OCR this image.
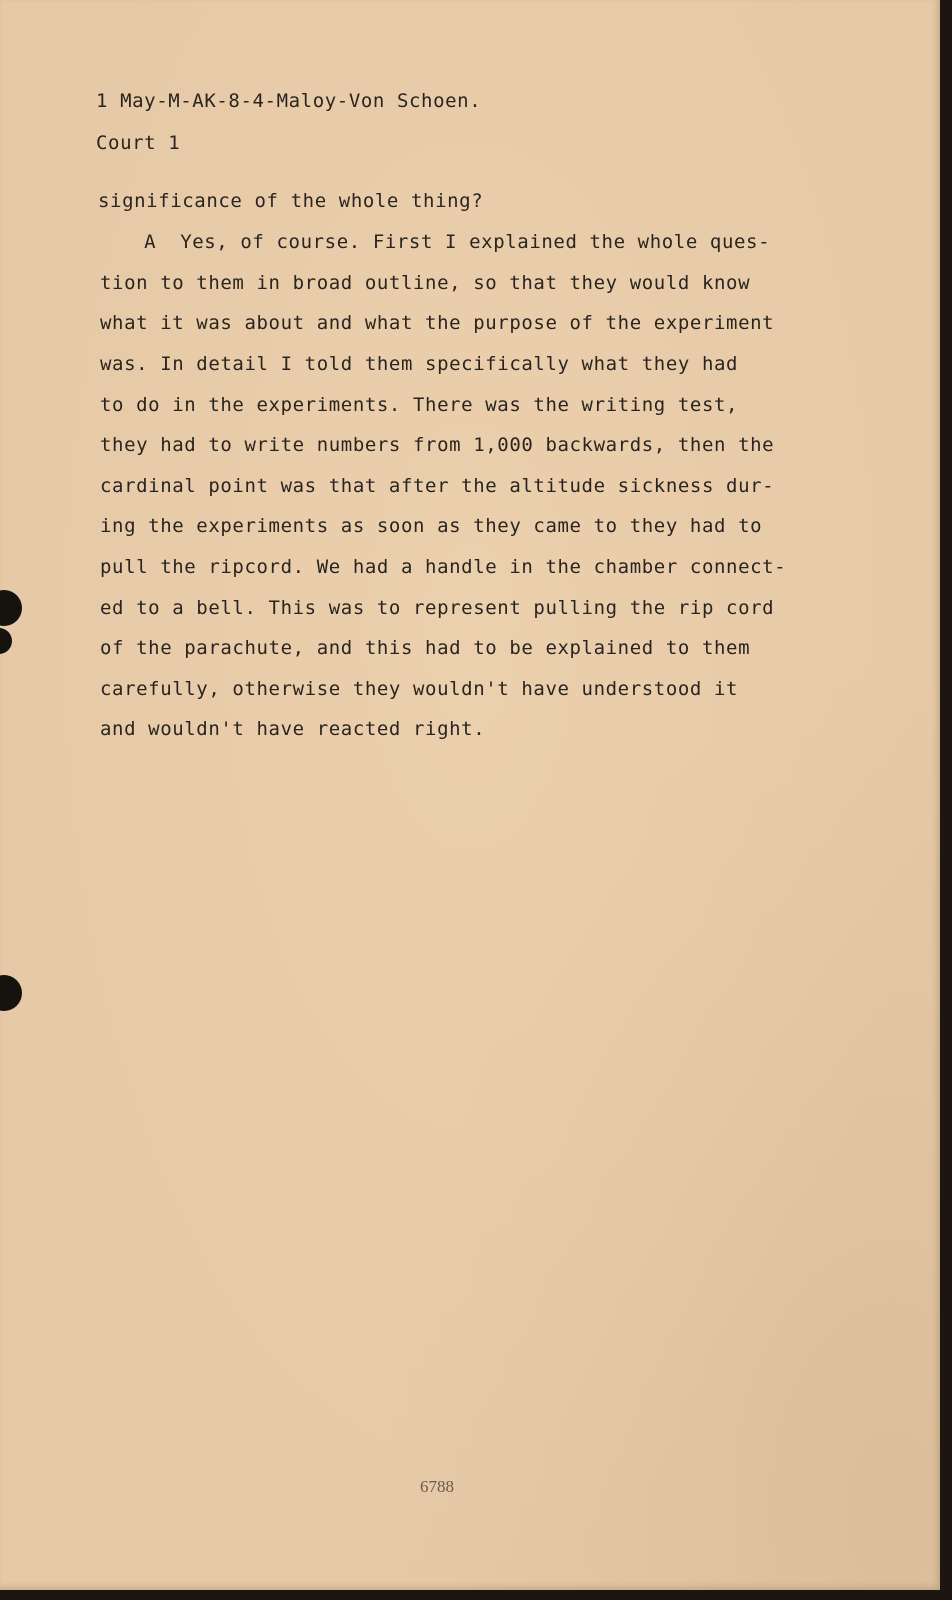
1 May-M-AK-8-4-Maloy-Von Schoen.
Court 1
significance of the whole thing?
A  Yes, of course. First I explained the whole ques-
tion to them in broad outline, so that they would know
what it was about and what the purpose of the experiment
was. In detail I told them specifically what they had
to do in the experiments. There was the writing test,
they had to write numbers from 1,000 backwards, then the
cardinal point was that after the altitude sickness dur-
ing the experiments as soon as they came to they had to
pull the ripcord. We had a handle in the chamber connect-
ed to a bell. This was to represent pulling the rip cord
of the parachute, and this had to be explained to them
carefully, otherwise they wouldn't have understood it
and wouldn't have reacted right.
6788
